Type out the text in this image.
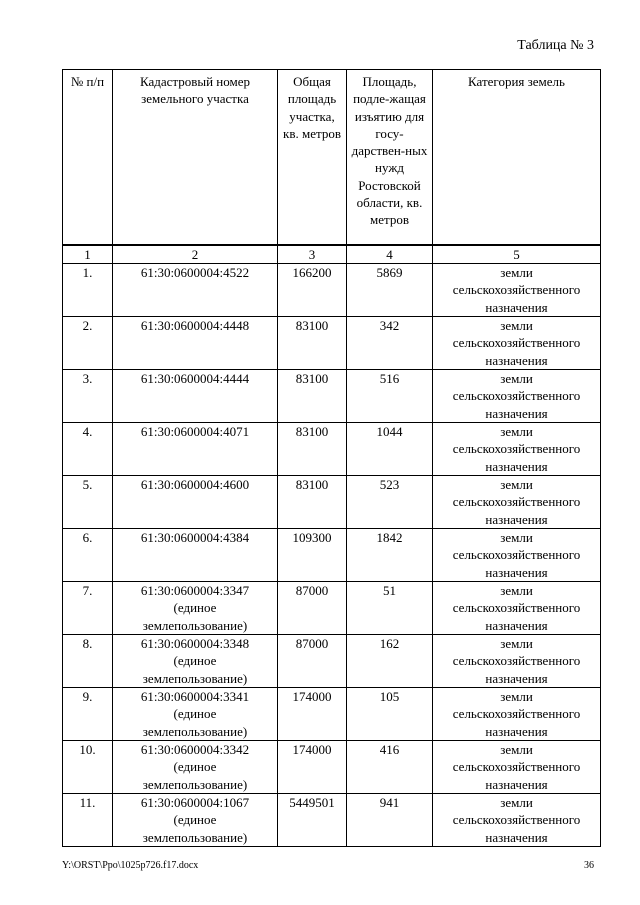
Таблица № 3
№ п/п	Кадастровый номер земельного участка	Общая площадь участка, кв. метров	Площадь, подле-жащая изъятию для госу-дарствен-ных нужд Ростовской области, кв. метров	Категория земель
1	2	3	4	5

1.	61:30:0600004:4522	166200	5869	земли
сельскохозяйственного
назначения

2.	61:30:0600004:4448	83100	342	земли
сельскохозяйственного
назначения

3.	61:30:0600004:4444	83100	516	земли
сельскохозяйственного
назначения

4.	61:30:0600004:4071	83100	1044	земли
сельскохозяйственного
назначения

5.	61:30:0600004:4600	83100	523	земли
сельскохозяйственного
назначения

6.	61:30:0600004:4384	109300	1842	земли
сельскохозяйственного
назначения

7.	61:30:0600004:3347
(единое
землепользование)	87000	51	земли
сельскохозяйственного
назначения

8.	61:30:0600004:3348
(единое
землепользование)	87000	162	земли
сельскохозяйственного
назначения

9.	61:30:0600004:3341
(единое
землепользование)	174000	105	земли
сельскохозяйственного
назначения

10.	61:30:0600004:3342
(единое
землепользование)	174000	416	земли
сельскохозяйственного
назначения

11.	61:30:0600004:1067
(единое
землепользование)	5449501	941	земли
сельскохозяйственного
назначения
Y:\ORST\Ppo\1025p726.f17.docx	36
